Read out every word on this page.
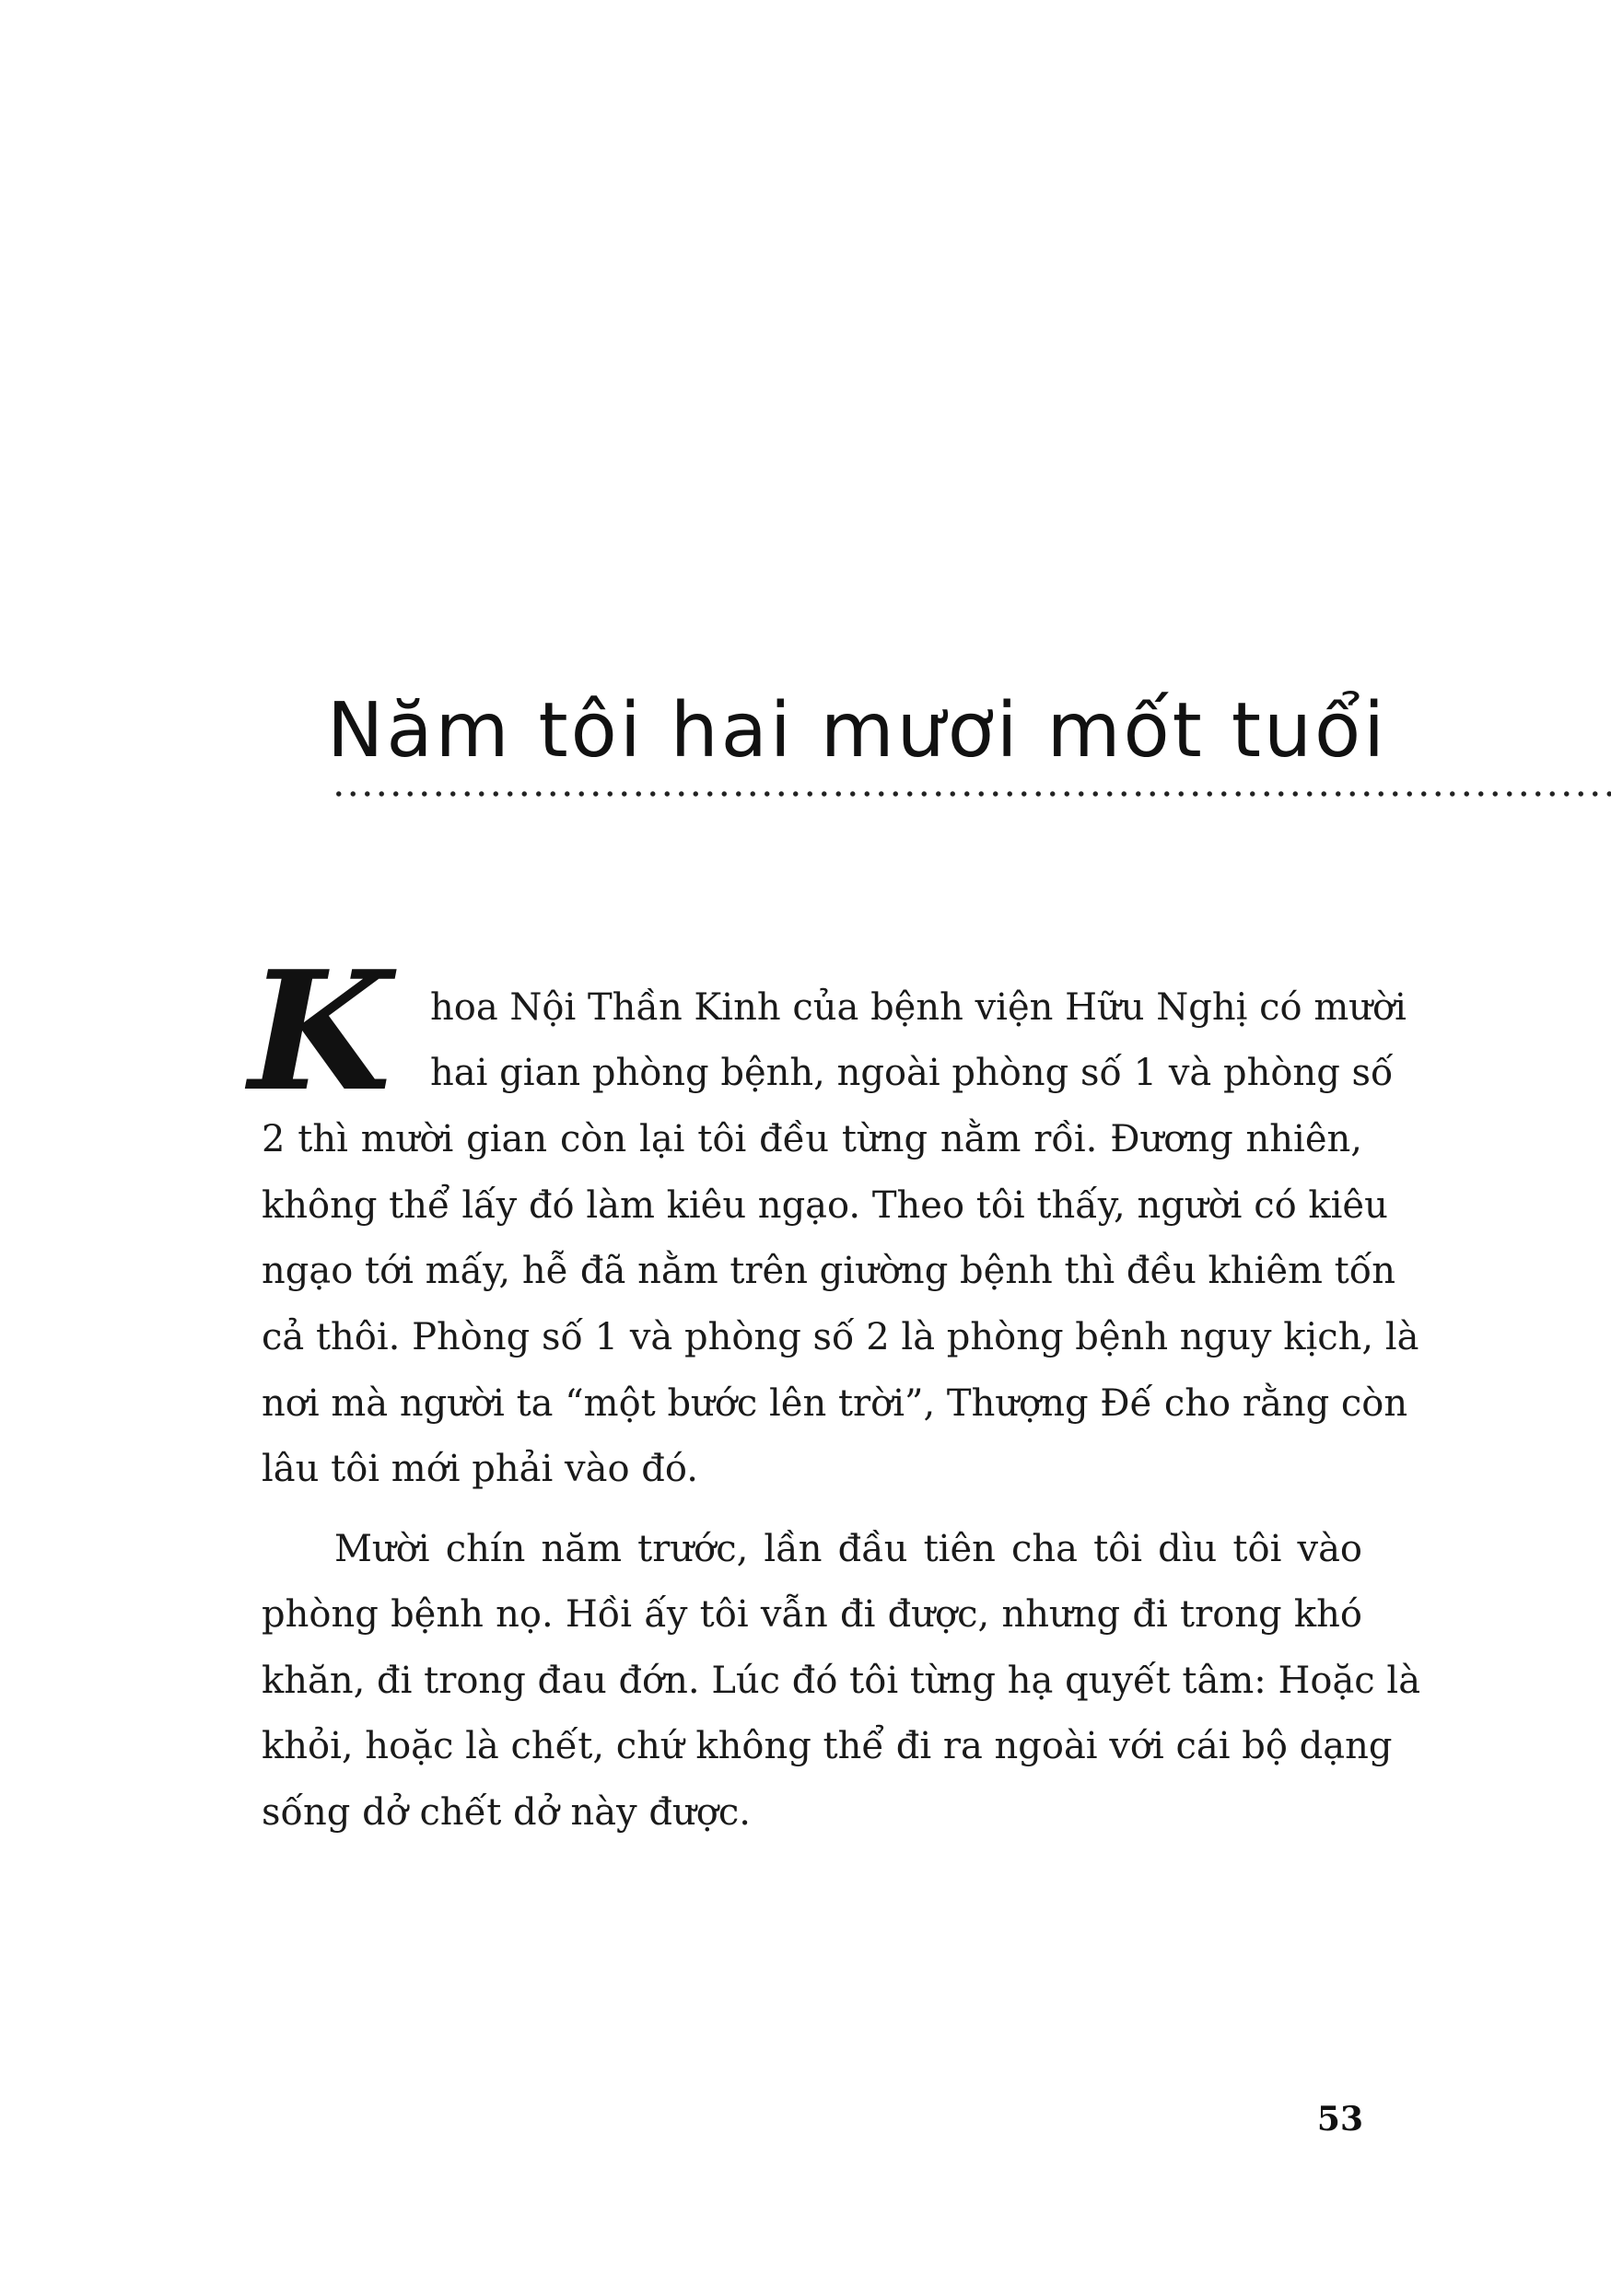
Năm tôi hai mươi mốt tuổi
K	hoa Nội Thần Kinh của bệnh viện Hữu Nghị có mười
hai gian phòng bệnh, ngoài phòng số 1 và phòng số
2 thì mười gian còn lại tôi đều từng nằm rồi. Đương nhiên,
không thể lấy đó làm kiêu ngạo. Theo tôi thấy, người có kiêu
ngạo tới mấy, hễ đã nằm trên giường bệnh thì đều khiêm tốn
cả thôi. Phòng số 1 và phòng số 2 là phòng bệnh nguy kịch, là
nơi mà người ta “một bước lên trời”, Thượng Đế cho rằng còn
lâu tôi mới phải vào đó.
Mười chín năm trước, lần đầu tiên cha tôi dìu tôi vào
phòng bệnh nọ. Hồi ấy tôi vẫn đi được, nhưng đi trong khó
khăn, đi trong đau đớn. Lúc đó tôi từng hạ quyết tâm: Hoặc là
khỏi, hoặc là chết, chứ không thể đi ra ngoài với cái bộ dạng
sống dở chết dở này được.
53
